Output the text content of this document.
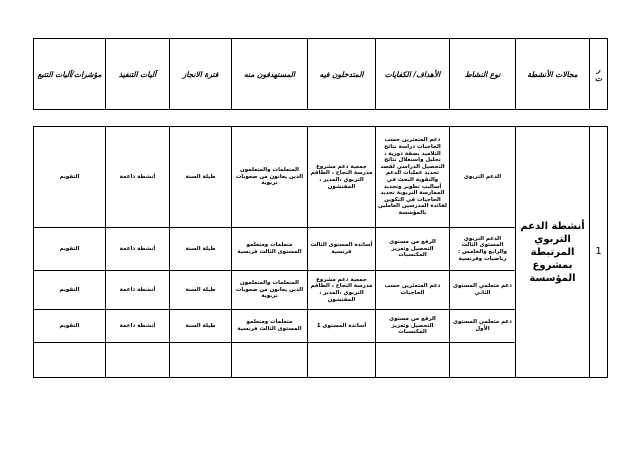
ر ت	مجالات الأنشطة	نوع النشاط	الأهداف/ الكفايات	المتدخلون فيه	المستهدفون منه	فترة الانجاز	آليات التنفيذ	مؤشرات/آليات التتبع

1	أنشطة الدعم التربوي المرتبطة بمشروع المؤسسة	الدعم التربوي	دعم المتعثرين حسب الحاجيات دراسة نتائج التلاميذ بصفة دورية ، تحليل واستغلال نتائج التحصيل الدراسي لقصد تحديد عمليات الدعم والتقوية البحث في أساليب تطوير وتجديد الممارسة التربوية تحديد الحاجيات في التكوين لفائدة المدرسين العاملين بالمؤسسة	جمعية دعم مشروع مدرسة النجاح ، الطاقم التربوي ،المدير ، المفتشون	المتعلمات والمتعلمون الذين يعانون من صعوبات تربوية	طيلة السنة	أنشطة داعمة	التقويم
		الدعم التربوي المستوى الثالث والرابع والخامس : رياضيات وفرنسية	الرفع من مستوى التحصيل وتعزيز المكتسبات	أساتذة المستوى الثالث فرنسية	متعلمات ومتعلمو المستوى الثالث فرنسية	طيلة السنة	أنشطة داعمة	التقويم
		دعم متعلمي المستوى الثاني	دعم المتعثرين حسب الحاجيات	جمعية دعم مشروع مدرسة النجاح ، الطاقم التربوي ،المدير ، المفتشون	المتعلمات والمتعلمون الذين يعانون من صعوبات تربوية	طيلة السنة	أنشطة داعمة	التقويم
		دعم متعلمي المستوى الأول	الرفع من مستوى التحصيل وتعزيز المكتسبات	أساتذة المستوى 1	متعلمات ومتعلمو المستوى الثالث فرنسية	طيلة السنة	أنشطة داعمة	التقويم
